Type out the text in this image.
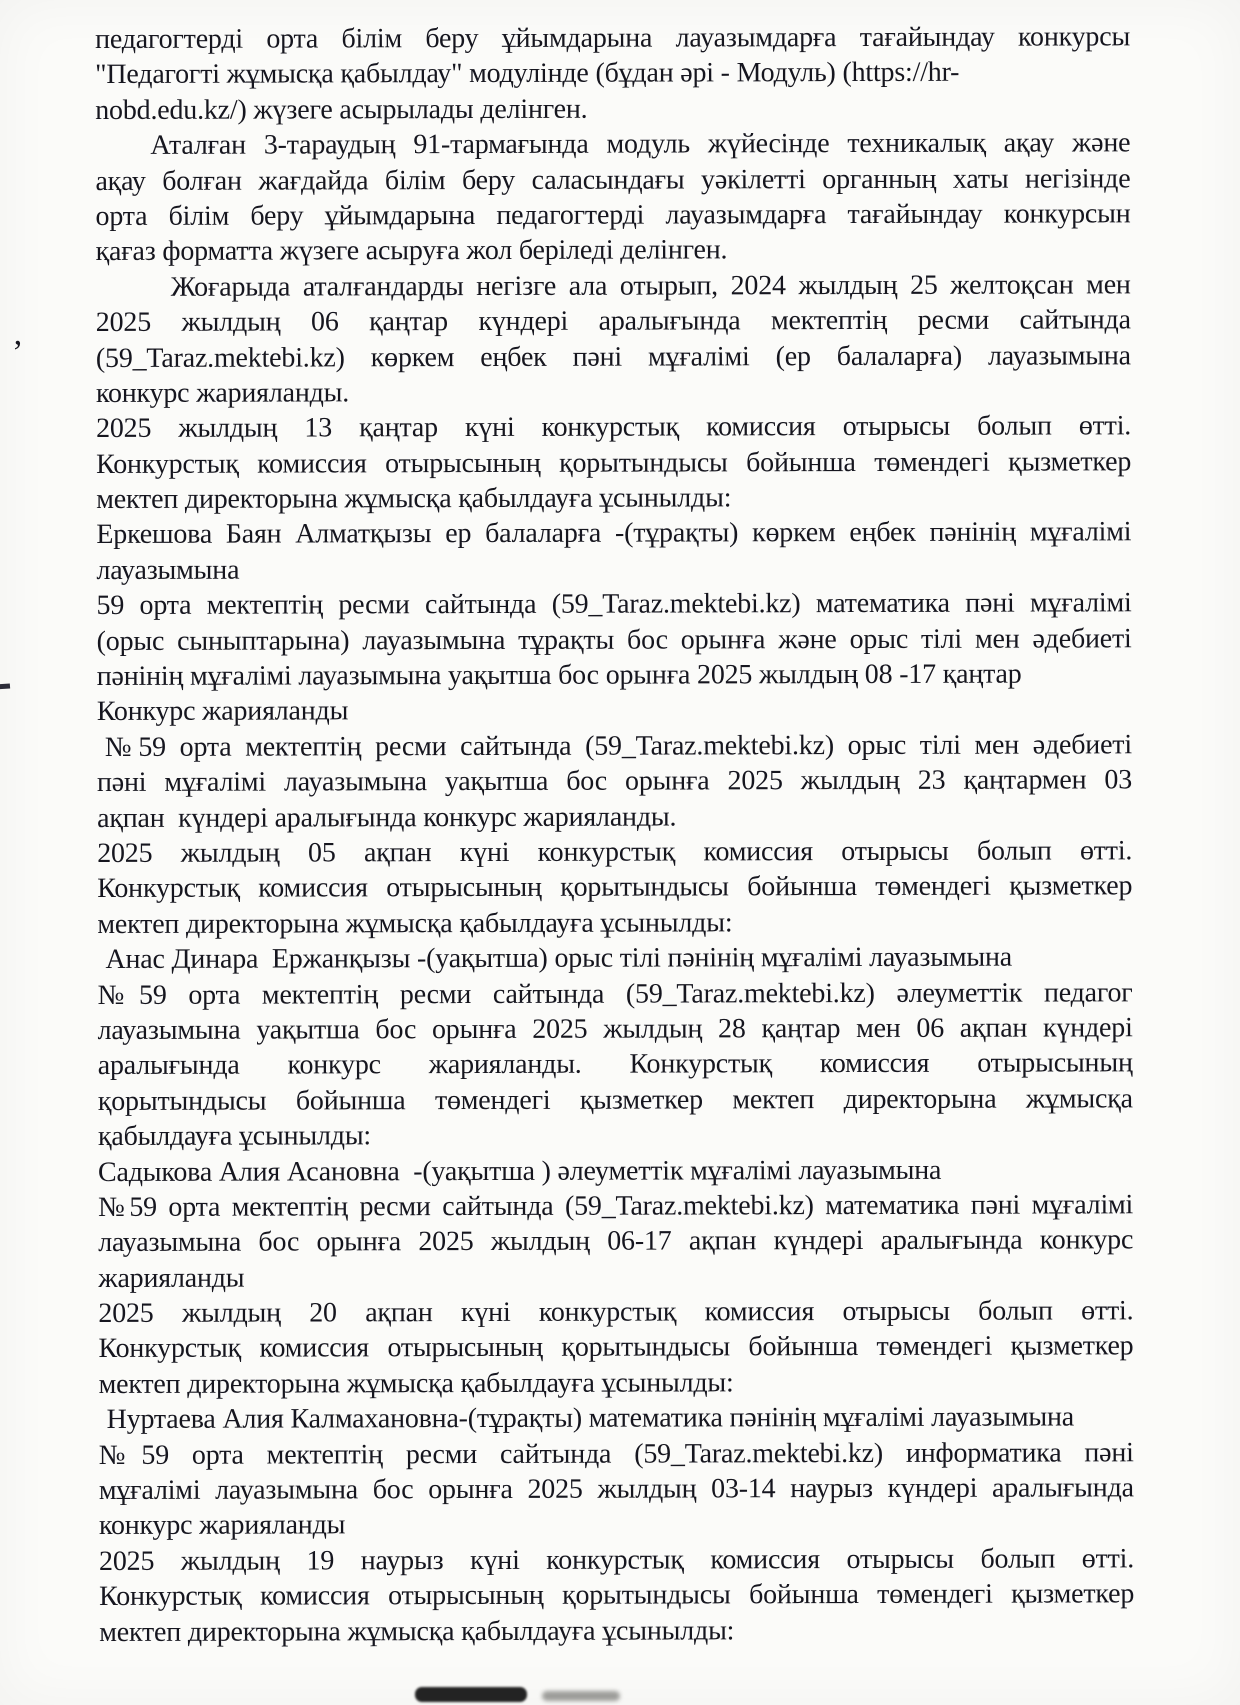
’
педагогтерді орта білім беру ұйымдарына лауазымдарға тағайындау конкурсы
"Педагогті жұмысқа қабылдау" модулінде (бұдан әрі - Модуль) (https://hr-
nobd.edu.kz/) жүзеге асырылады делінген.
Аталған 3-тараудың 91-тармағында модуль жүйесінде техникалық ақау және
ақау болған жағдайда білім беру саласындағы уәкілетті органның хаты негізінде
орта білім беру ұйымдарына педагогтерді лауазымдарға тағайындау конкурсын
қағаз форматта жүзеге асыруға жол беріледі делінген.
Жоғарыда аталғандарды негізге ала отырып, 2024 жылдың 25 желтоқсан мен
2025 жылдың 06 қаңтар күндері аралығында мектептің ресми сайтында
(59_Taraz.mektebi.kz) көркем еңбек пәні мұғалімі (ер балаларға) лауазымына
конкурс жарияланды.
2025 жылдың 13 қаңтар күні конкурстық комиссия отырысы болып өтті.
Конкурстық комиссия отырысының қорытындысы бойынша төмендегі қызметкер
мектеп директорына жұмысқа қабылдауға ұсынылды:
Еркешова Баян Алматқызы ер балаларға -(тұрақты) көркем еңбек пәнінің мұғалімі
лауазымына
59 орта мектептің ресми сайтында (59_Taraz.mektebi.kz) математика пәні мұғалімі
(орыс сыныптарына) лауазымына тұрақты бос орынға және орыс тілі мен әдебиеті
пәнінің мұғалімі лауазымына уақытша бос орынға 2025 жылдың 08 -17 қаңтар
Конкурс жарияланды
№59 орта мектептің ресми сайтында (59_Taraz.mektebi.kz) орыс тілі мен әдебиеті
пәні мұғалімі лауазымына уақытша бос орынға 2025 жылдың 23 қаңтармен 03
ақпан  күндері аралығында конкурс жарияланды.
2025 жылдың 05 ақпан күні конкурстық комиссия отырысы болып өтті.
Конкурстық комиссия отырысының қорытындысы бойынша төмендегі қызметкер
мектеп директорына жұмысқа қабылдауға ұсынылды:
Анас Динара  Ержанқызы -(уақытша) орыс тілі пәнінің мұғалімі лауазымына
№59 орта мектептің ресми сайтында (59_Taraz.mektebi.kz) әлеуметтік педагог
лауазымына уақытша бос орынға 2025 жылдың 28 қаңтар мен 06 ақпан күндері
аралығында конкурс жарияланды. Конкурстық комиссия отырысының
қорытындысы бойынша төмендегі қызметкер мектеп директорына жұмысқа
қабылдауға ұсынылды:
Садыкова Алия Асановна  -(уақытша ) әлеуметтік мұғалімі лауазымына
№59 орта мектептің ресми сайтында (59_Taraz.mektebi.kz) математика пәні мұғалімі
лауазымына бос орынға 2025 жылдың 06-17 ақпан күндері аралығында конкурс
жарияланды
2025 жылдың 20 ақпан күні конкурстық комиссия отырысы болып өтті.
Конкурстық комиссия отырысының қорытындысы бойынша төмендегі қызметкер
мектеп директорына жұмысқа қабылдауға ұсынылды:
Нуртаева Алия Калмахановна-(тұрақты) математика пәнінің мұғалімі лауазымына
№59 орта мектептің ресми сайтында (59_Taraz.mektebi.kz) информатика пәні
мұғалімі лауазымына бос орынға 2025 жылдың 03-14 наурыз күндері аралығында
конкурс жарияланды
2025 жылдың 19 наурыз күні конкурстық комиссия отырысы болып өтті.
Конкурстық комиссия отырысының қорытындысы бойынша төмендегі қызметкер
мектеп директорына жұмысқа қабылдауға ұсынылды:
